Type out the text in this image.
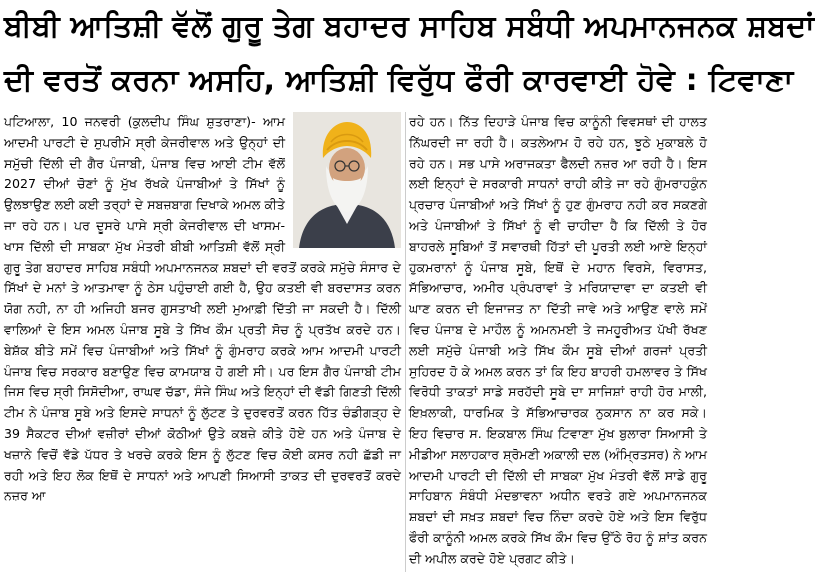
ਬੀਬੀ ਆਤਿਸ਼ੀ ਵੱਲੋਂ ਗੁਰੂ ਤੇਗ ਬਹਾਦਰ ਸਾਹਿਬ ਸਬੰਧੀ ਅਪਮਾਨਜਨਕ ਸ਼ਬਦਾਂ
ਦੀ ਵਰਤੋਂ ਕਰਨਾ ਅਸਹਿ, ਆਤਿਸ਼ੀ ਵਿਰੁੱਧ ਫੌਰੀ ਕਾਰਵਾਈ ਹੋਵੇ : ਟਿਵਾਣਾ

ਪਟਿਆਲਾ, 10 ਜਨਵਰੀ (ਕੁਲਦੀਪ ਸਿੰਘ ਸ਼ੁਤਰਾਣਾ)- ਆਮ ਆਦਮੀ ਪਾਰਟੀ ਦੇ ਸੁਪਰੀਮੋ ਸ੍ਰੀ ਕੇਜਰੀਵਾਲ ਅਤੇ ਉਨ੍ਹਾਂ ਦੀ ਸਮੁੱਚੀ ਦਿੱਲੀ ਦੀ ਗੈਰ ਪੰਜਾਬੀ, ਪੰਜਾਬ ਵਿਚ ਆਈ ਟੀਮ ਵੱਲੋਂ 2027 ਦੀਆਂ ਚੋਣਾਂ ਨੂੰ ਮੁੱਖ ਰੱਖਕੇ ਪੰਜਾਬੀਆਂ ਤੇ ਸਿੱਖਾਂ ਨੂੰ ਉਲਝਾਉਣ ਲਈ ਕਈ ਤਰ੍ਹਾਂ ਦੇ ਸਬਜ਼ਬਾਗ ਦਿਖਾਕੇ ਅਮਲ ਕੀਤੇ ਜਾ ਰਹੇ ਹਨ। ਪਰ ਦੂਸਰੇ ਪਾਸੇ ਸ੍ਰੀ ਕੇਜਰੀਵਾਲ ਦੀ ਖਾਸਮ-ਖਾਸ ਦਿੱਲੀ ਦੀ ਸਾਬਕਾ ਮੁੱਖ ਮੰਤਰੀ ਬੀਬੀ ਆਤਿਸ਼ੀ ਵੱਲੋਂ ਸ੍ਰੀ ਗੁਰੂ ਤੇਗ ਬਹਾਦਰ ਸਾਹਿਬ ਸਬੰਧੀ ਅਪਮਾਨਜਨਕ ਸ਼ਬਦਾਂ ਦੀ ਵਰਤੋਂ ਕਰਕੇ ਸਮੁੱਚੇ ਸੰਸਾਰ ਦੇ ਸਿੱਖਾਂ ਦੇ ਮਨਾਂ ਤੇ ਆਤਮਾਵਾ ਨੂੰ ਠੇਸ ਪਹੁੰਚਾਈ ਗਈ ਹੈ, ਉਹ ਕਤਈ ਵੀ ਬਰਦਾਸਤ ਕਰਨ ਯੋਗ ਨਹੀ, ਨਾ ਹੀ ਅਜਿਹੀ ਬਜਰ ਗੁਸਤਾਖੀ ਲਈ ਮੁਆਫ਼ੀ ਦਿੱਤੀ ਜਾ ਸਕਦੀ ਹੈ। ਦਿੱਲੀ ਵਾਲਿਆਂ ਦੇ ਇਸ ਅਮਲ ਪੰਜਾਬ ਸੂਬੇ ਤੇ ਸਿੱਖ ਕੌਮ ਪ੍ਰਤੀ ਸੋਚ ਨੂੰ ਪ੍ਰਤੱਖ ਕਰਦੇ ਹਨ। ਬੇਸ਼ੱਕ ਬੀਤੇ ਸਮੇਂ ਵਿਚ ਪੰਜਾਬੀਆਂ ਅਤੇ ਸਿੱਖਾਂ ਨੂੰ ਗੁੰਮਰਾਹ ਕਰਕੇ ਆਮ ਆਦਮੀ ਪਾਰਟੀ ਪੰਜਾਬ ਵਿਚ ਸਰਕਾਰ ਬਣਾਉਣ ਵਿਚ ਕਾਮਯਾਬ ਹੋ ਗਈ ਸੀ। ਪਰ ਇਸ ਗੈਰ ਪੰਜਾਬੀ ਟੀਮ ਜਿਸ ਵਿਚ ਸ੍ਰੀ ਸਿਸੋਦੀਆ, ਰਾਘਵ ਚੱਡਾ, ਸੰਜੇ ਸਿੰਘ ਅਤੇ ਇਨ੍ਹਾਂ ਦੀ ਵੱਡੀ ਗਿਣਤੀ ਦਿੱਲੀ ਟੀਮ ਨੇ ਪੰਜਾਬ ਸੂਬੇ ਅਤੇ ਇਸਦੇ ਸਾਧਨਾਂ ਨੂੰ ਲੁੱਟਣ ਤੇ ਦੁਰਵਰਤੋਂ ਕਰਨ ਹਿੱਤ ਚੰਡੀਗੜ੍ਹ ਦੇ 39 ਸੈਕਟਰ ਦੀਆਂ ਵਜ਼ੀਰਾਂ ਦੀਆਂ ਕੋਠੀਆਂ ਉਤੇ ਕਬਜ਼ੇ ਕੀਤੇ ਹੋਏ ਹਨ ਅਤੇ ਪੰਜਾਬ ਦੇ ਖਜ਼ਾਨੇ ਵਿਚੋਂ ਵੱਡੇ ਪੱਧਰ ਤੇ ਖਰਚੇ ਕਰਕੇ ਇਸ ਨੂੰ ਲੁੱਟਣ ਵਿਚ ਕੋਈ ਕਸਰ ਨਹੀ ਛੱਡੀ ਜਾ ਰਹੀ ਅਤੇ ਇਹ ਲੋਕ ਇਥੋਂ ਦੇ ਸਾਧਨਾਂ ਅਤੇ ਆਪਣੀ ਸਿਆਸੀ ਤਾਕਤ ਦੀ ਦੁਰਵਰਤੋਂ ਕਰਦੇ ਨਜ਼ਰ ਆ

ਰਹੇ ਹਨ। ਨਿੱਤ ਦਿਹਾੜੇ ਪੰਜਾਬ ਵਿਚ ਕਾਨੂੰਨੀ ਵਿਵਸਥਾਂ ਦੀ ਹਾਲਤ ਨਿੱਘਰਦੀ ਜਾ ਰਹੀ ਹੈ। ਕਤਲੇਆਮ ਹੋ ਰਹੇ ਹਨ, ਝੂਠੇ ਮੁਕਾਬਲੇ ਹੋ ਰਹੇ ਹਨ। ਸਭ ਪਾਸੇ ਅਰਾਜਕਤਾ ਫੈਲਦੀ ਨਜ਼ਰ ਆ ਰਹੀ ਹੈ। ਇਸ ਲਈ ਇਨ੍ਹਾਂ ਦੇ ਸਰਕਾਰੀ ਸਾਧਨਾਂ ਰਾਹੀ ਕੀਤੇ ਜਾ ਰਹੇ ਗੁੰਮਰਾਹਕੁੰਨ ਪ੍ਰਚਾਰ ਪੰਜਾਬੀਆਂ ਅਤੇ ਸਿੱਖਾਂ ਨੂੰ ਹੁਣ ਗੁੰਮਰਾਹ ਨਹੀ ਕਰ ਸਕਣਗੇ ਅਤੇ ਪੰਜਾਬੀਆਂ ਤੇ ਸਿੱਖਾਂ ਨੂੰ ਵੀ ਚਾਹੀਦਾ ਹੈ ਕਿ ਦਿੱਲੀ ਤੇ ਹੋਰ ਬਾਹਰਲੇ ਸੂਬਿਆਂ ਤੋਂ ਸਵਾਰਥੀ ਹਿੱਤਾਂ ਦੀ ਪੂਰਤੀ ਲਈ ਆਏ ਇਨ੍ਹਾਂ ਹੁਕਮਰਾਨਾਂ ਨੂੰ ਪੰਜਾਬ ਸੂਬੇ, ਇਥੋਂ ਦੇ ਮਹਾਨ ਵਿਰਸੇ, ਵਿਰਾਸਤ, ਸੱਭਿਆਚਾਰ, ਅਮੀਰ ਪ੍ਰੰਪਰਾਵਾਂ ਤੇ ਮਰਿਯਾਦਾਵਾ ਦਾ ਕਤਈ ਵੀ ਘਾਣ ਕਰਨ ਦੀ ਇਜਾਜਤ ਨਾ ਦਿੱਤੀ ਜਾਵੇ ਅਤੇ ਆਉਣ ਵਾਲੇ ਸਮੇਂ ਵਿਚ ਪੰਜਾਬ ਦੇ ਮਾਹੌਲ ਨੂੰ ਅਮਨਮਈ ਤੇ ਜਮਹੂਰੀਅਤ ਪੱਖੀ ਰੱਖਣ ਲਈ ਸਮੁੱਚੇ ਪੰਜਾਬੀ ਅਤੇ ਸਿੱਖ ਕੌਮ ਸੂਬੇ ਦੀਆਂ ਗਰਜਾਂ ਪ੍ਰਤੀ ਸੁਹਿਰਦ ਹੋ ਕੇ ਅਮਲ ਕਰਨ ਤਾਂ ਕਿ ਇਹ ਬਾਹਰੀ ਹਮਲਾਵਰ ਤੇ ਸਿੱਖ ਵਿਰੋਧੀ ਤਾਕਤਾਂ ਸਾਡੇ ਸਰਹੱਦੀ ਸੂਬੇ ਦਾ ਸਾਜਿਸ਼ਾਂ ਰਾਹੀ ਹੋਰ ਮਾਲੀ, ਇਖ਼ਲਾਕੀ, ਧਾਰਮਿਕ ਤੇ ਸੱਭਿਆਚਾਰਕ ਨੁਕਸਾਨ ਨਾ ਕਰ ਸਕੇ। ਇਹ ਵਿਚਾਰ ਸ. ਇਕਬਾਲ ਸਿੰਘ ਟਿਵਾਣਾ ਮੁੱਖ ਬੁਲਾਰਾ ਸਿਆਸੀ ਤੇ ਮੀਡੀਆ ਸਲਾਹਕਾਰ ਸ਼੍ਰੋਮਣੀ ਅਕਾਲੀ ਦਲ (ਅੰਮ੍ਰਿਤਸਰ) ਨੇ ਆਮ ਆਦਮੀ ਪਾਰਟੀ ਦੀ ਦਿੱਲੀ ਦੀ ਸਾਬਕਾ ਮੁੱਖ ਮੰਤਰੀ ਵੱਲੋਂ ਸਾਡੇ ਗੁਰੂ ਸਾਹਿਬਾਨ ਸੰਬੰਧੀ ਮੰਦਭਾਵਨਾ ਅਧੀਨ ਵਰਤੇ ਗਏ ਅਪਮਾਨਜਨਕ ਸ਼ਬਦਾਂ ਦੀ ਸਖ਼ਤ ਸ਼ਬਦਾਂ ਵਿਚ ਨਿੰਦਾ ਕਰਦੇ ਹੋਏ ਅਤੇ ਇਸ ਵਿਰੁੱਧ ਫੌਰੀ ਕਾਨੂੰਨੀ ਅਮਲ ਕਰਕੇ ਸਿੱਖ ਕੌਮ ਵਿਚ ਉੱਠੇ ਰੋਹ ਨੂੰ ਸ਼ਾਂਤ ਕਰਨ ਦੀ ਅਪੀਲ ਕਰਦੇ ਹੋਏ ਪ੍ਰਗਟ ਕੀਤੇ।
